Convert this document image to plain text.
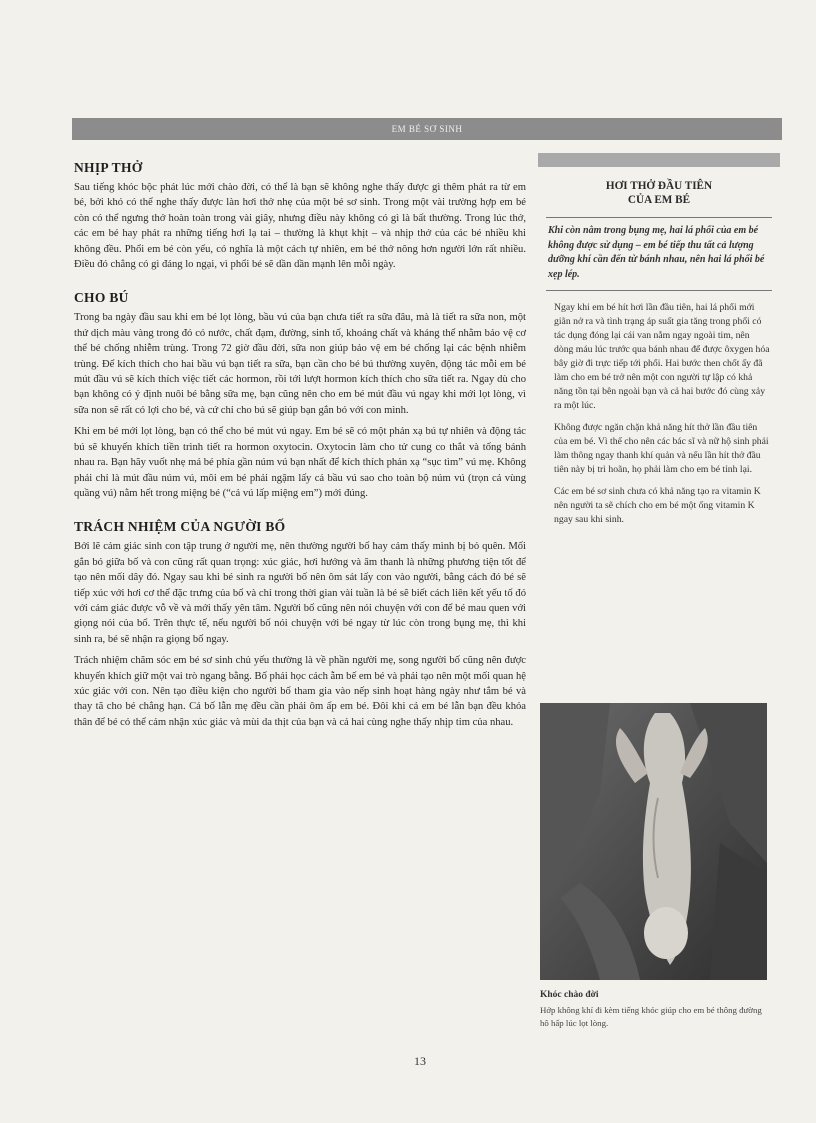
EM BÉ SƠ SINH
NHỊP THỞ

Sau tiếng khóc bộc phát lúc mới chào đời, có thể là bạn sẽ không nghe thấy được gì thêm phát ra từ em bé, bởi khó có thể nghe thấy được làn hơi thở nhẹ của một bé sơ sinh. Trong một vài trường hợp em bé còn có thể ngưng thở hoàn toàn trong vài giây, nhưng điều này không có gì là bất thường. Trong lúc thở, các em bé hay phát ra những tiếng hơi lạ tai – thường là khụt khịt – và nhịp thở của các bé nhiều khi không đều. Phổi em bé còn yếu, có nghĩa là một cách tự nhiên, em bé thở nông hơn người lớn rất nhiều. Điều đó chẳng có gì đáng lo ngại, vì phổi bé sẽ dần dần mạnh lên mỗi ngày.

CHO BÚ

Trong ba ngày đầu sau khi em bé lọt lòng, bầu vú của bạn chưa tiết ra sữa đâu, mà là tiết ra sữa non, một thứ dịch màu vàng trong đó có nước, chất đạm, đường, sinh tố, khoáng chất và kháng thể nhằm bảo vệ cơ thể bé chống nhiễm trùng. Trong 72 giờ đầu đời, sữa non giúp bảo vệ em bé chống lại các bệnh nhiễm trùng. Để kích thích cho hai bầu vú bạn tiết ra sữa, bạn cần cho bé bú thường xuyên, động tác mỗi em bé mút đầu vú sẽ kích thích việc tiết các hormon, rồi tới lượt hormon kích thích cho sữa tiết ra. Ngay dù cho bạn không có ý định nuôi bé bằng sữa mẹ, bạn cũng nên cho em bé mút đầu vú ngay khi mới lọt lòng, vì sữa non sẽ rất có lợi cho bé, và cứ chỉ cho bú sẽ giúp bạn gắn bó với con mình.

Khi em bé mới lọt lòng, bạn có thể cho bé mút vú ngay. Em bé sẽ có một phản xạ bú tự nhiên và động tác bú sẽ khuyến khích tiền trình tiết ra hormon oxytocin. Oxytocin làm cho tử cung co thắt và tống bánh nhau ra. Bạn hãy vuốt nhẹ má bé phía gần núm vú bạn nhất để kích thích phản xạ “sục tìm” vú mẹ. Không phải chỉ là mút đầu núm vú, môi em bé phải ngậm lấy cả bầu vú sao cho toàn bộ núm vú (trọn cả vùng quầng vú) nằm hết trong miệng bé (“cả vú lấp miệng em”) mới đúng.

TRÁCH NHIỆM CỦA NGƯỜI BỐ

Bởi lẽ cảm giác sinh con tập trung ở người mẹ, nên thường người bố hay cảm thấy mình bị bỏ quên. Mối gắn bó giữa bố và con cũng rất quan trọng: xúc giác, hơi hướng và âm thanh là những phương tiện tốt để tạo nên mối dây đó. Ngay sau khi bé sinh ra người bố nên ôm sát lấy con vào người, bằng cách đó bé sẽ tiếp xúc với hơi cơ thể đặc trưng của bố và chỉ trong thời gian vài tuần là bé sẽ biết cách liên kết yếu tố đó với cảm giác được vỗ về và mới thấy yên tâm. Người bố cũng nên nói chuyện với con để bé mau quen với giọng nói của bố. Trên thực tế, nếu người bố nói chuyện với bé ngay từ lúc còn trong bụng mẹ, thì khi sinh ra, bé sẽ nhận ra giọng bố ngay.

Trách nhiệm chăm sóc em bé sơ sinh chủ yếu thường là về phần người mẹ, song người bố cũng nên được khuyến khích giữ một vai trò ngang bằng. Bố phải học cách ẵm bế em bé và phải tạo nên một mối quan hệ xúc giác với con. Nên tạo điều kiện cho người bố tham gia vào nếp sinh hoạt hàng ngày như tắm bé và thay tã cho bé chẳng hạn. Cả bố lẫn mẹ đều cần phải ôm ấp em bé. Đôi khi cả em bé lẫn bạn đều khỏa thân để bé có thể cảm nhận xúc giác và mùi da thịt của bạn và cả hai cùng nghe thấy nhịp tim của nhau.

HƠI THỞ ĐẦU TIÊN
CỦA EM BÉ

Khi còn nằm trong bụng mẹ, hai lá phổi của em bé không được sử dụng – em bé tiếp thu tất cả lượng dưỡng khí cần đến từ bánh nhau, nên hai lá phổi bé xẹp lép.

Ngay khi em bé hít hơi lần đầu tiên, hai lá phổi mới giãn nở ra và tình trạng áp suất gia tăng trong phổi có tác dụng đóng lại cái van nằm ngay ngoài tim, nên dòng máu lúc trước qua bánh nhau để được ôxygen hóa bây giờ đi trực tiếp tới phổi. Hai bước then chốt ấy đã làm cho em bé trở nên một con người tự lập có khả năng tồn tại bên ngoài bạn và cả hai bước đó cùng xảy ra một lúc.

Không được ngăn chặn khả năng hít thở lần đầu tiên của em bé. Vì thế cho nên các bác sĩ và nữ hộ sinh phải làm thông ngay thanh khí quản và nếu lần hít thở đầu tiên này bị trì hoãn, họ phải làm cho em bé tỉnh lại.

Các em bé sơ sinh chưa có khả năng tạo ra vitamin K nên người ta sẽ chích cho em bé một ống vitamin K ngay sau khi sinh.

Khóc chào đời

Hớp không khí đi kèm tiếng khóc giúp cho em bé thông đường hô hấp lúc lọt lòng.

13
